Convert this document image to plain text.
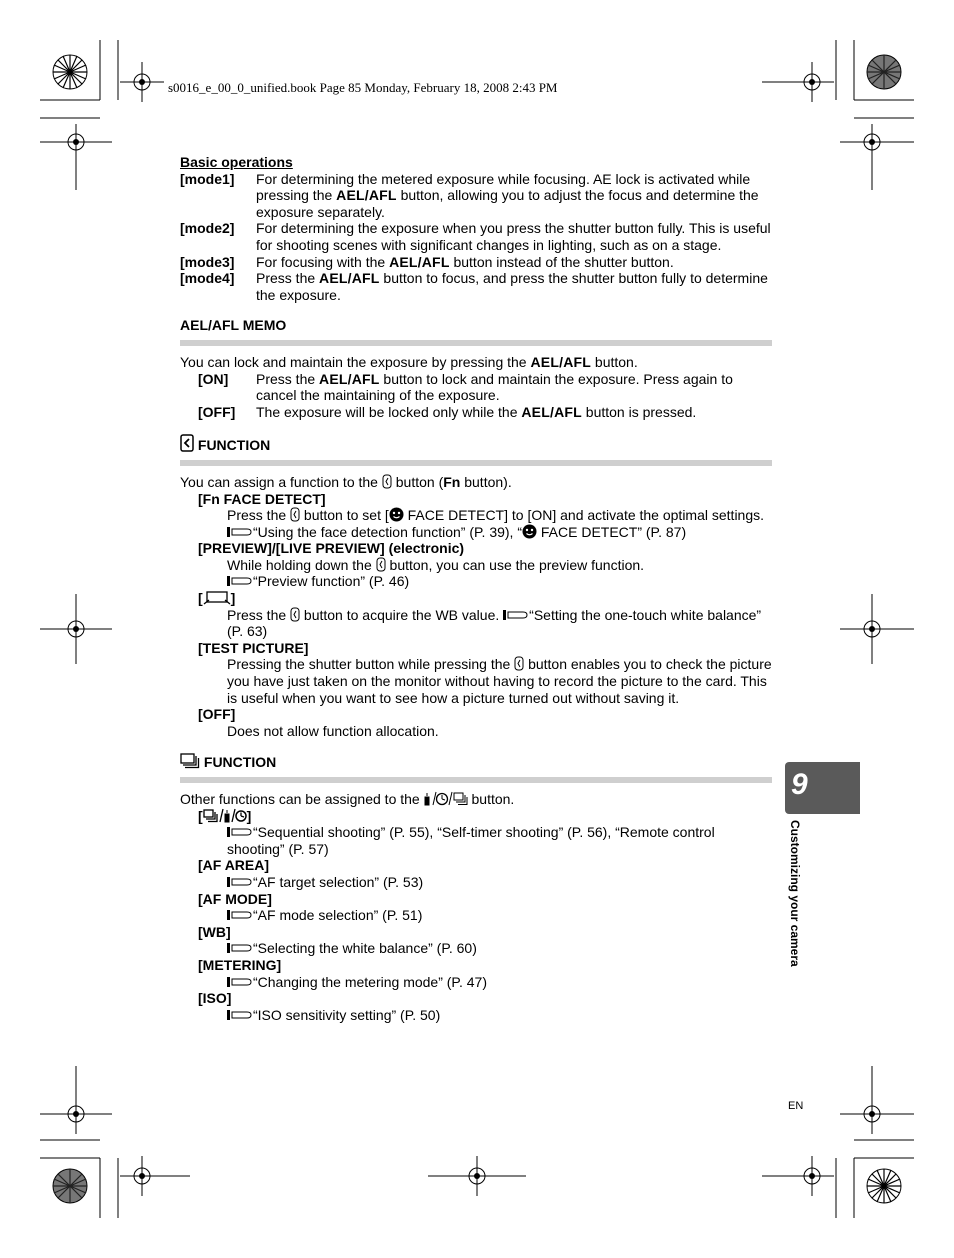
s0016_e_00_0_unified.book Page 85 Monday, February 18, 2008 2:43 PM
Basic operations
[mode1]	For determining the metered exposure while focusing. AE lock is activated while pressing the AEL/AFL button, allowing you to adjust the focus and determine the exposure separately.
[mode2]	For determining the exposure when you press the shutter button fully. This is useful for shooting scenes with significant changes in lighting, such as on a stage.
[mode3]	For focusing with the AEL/AFL button instead of the shutter button.
[mode4]	Press the AEL/AFL button to focus, and press the shutter button fully to determine the exposure.
AEL/AFL MEMO
You can lock and maintain the exposure by pressing the AEL/AFL button.
[ON]	Press the AEL/AFL button to lock and maintain the exposure. Press again to cancel the maintaining of the exposure.
[OFF]	The exposure will be locked only while the AEL/AFL button is pressed.
FUNCTION
You can assign a function to the button (Fn button).
[Fn FACE DETECT]
Press the button to set [ FACE DETECT] to [ON] and activate the optimal settings.
“Using the face detection function” (P. 39), “ FACE DETECT” (P. 87)
[PREVIEW]/[LIVE PREVIEW] (electronic)
While holding down the button, you can use the preview function.
“Preview function” (P. 46)
[ ]
Press the button to acquire the WB value. “Setting the one-touch white balance” (P. 63)
[TEST PICTURE]
Pressing the shutter button while pressing the button enables you to check the picture you have just taken on the monitor without having to record the picture to the card. This is useful when you want to see how a picture turned out without saving it.
[OFF]
Does not allow function allocation.
FUNCTION
Other functions can be assigned to the	button.
[	]
“Sequential shooting” (P. 55), “Self-timer shooting” (P. 56), “Remote control shooting” (P. 57)
[AF AREA]
“AF target selection” (P. 53)
[AF MODE]
“AF mode selection” (P. 51)
[WB]
“Selecting the white balance” (P. 60)
[METERING]
“Changing the metering mode” (P. 47)
[ISO]
“ISO sensitivity setting” (P. 50)
9
Customizing your camera
EN
